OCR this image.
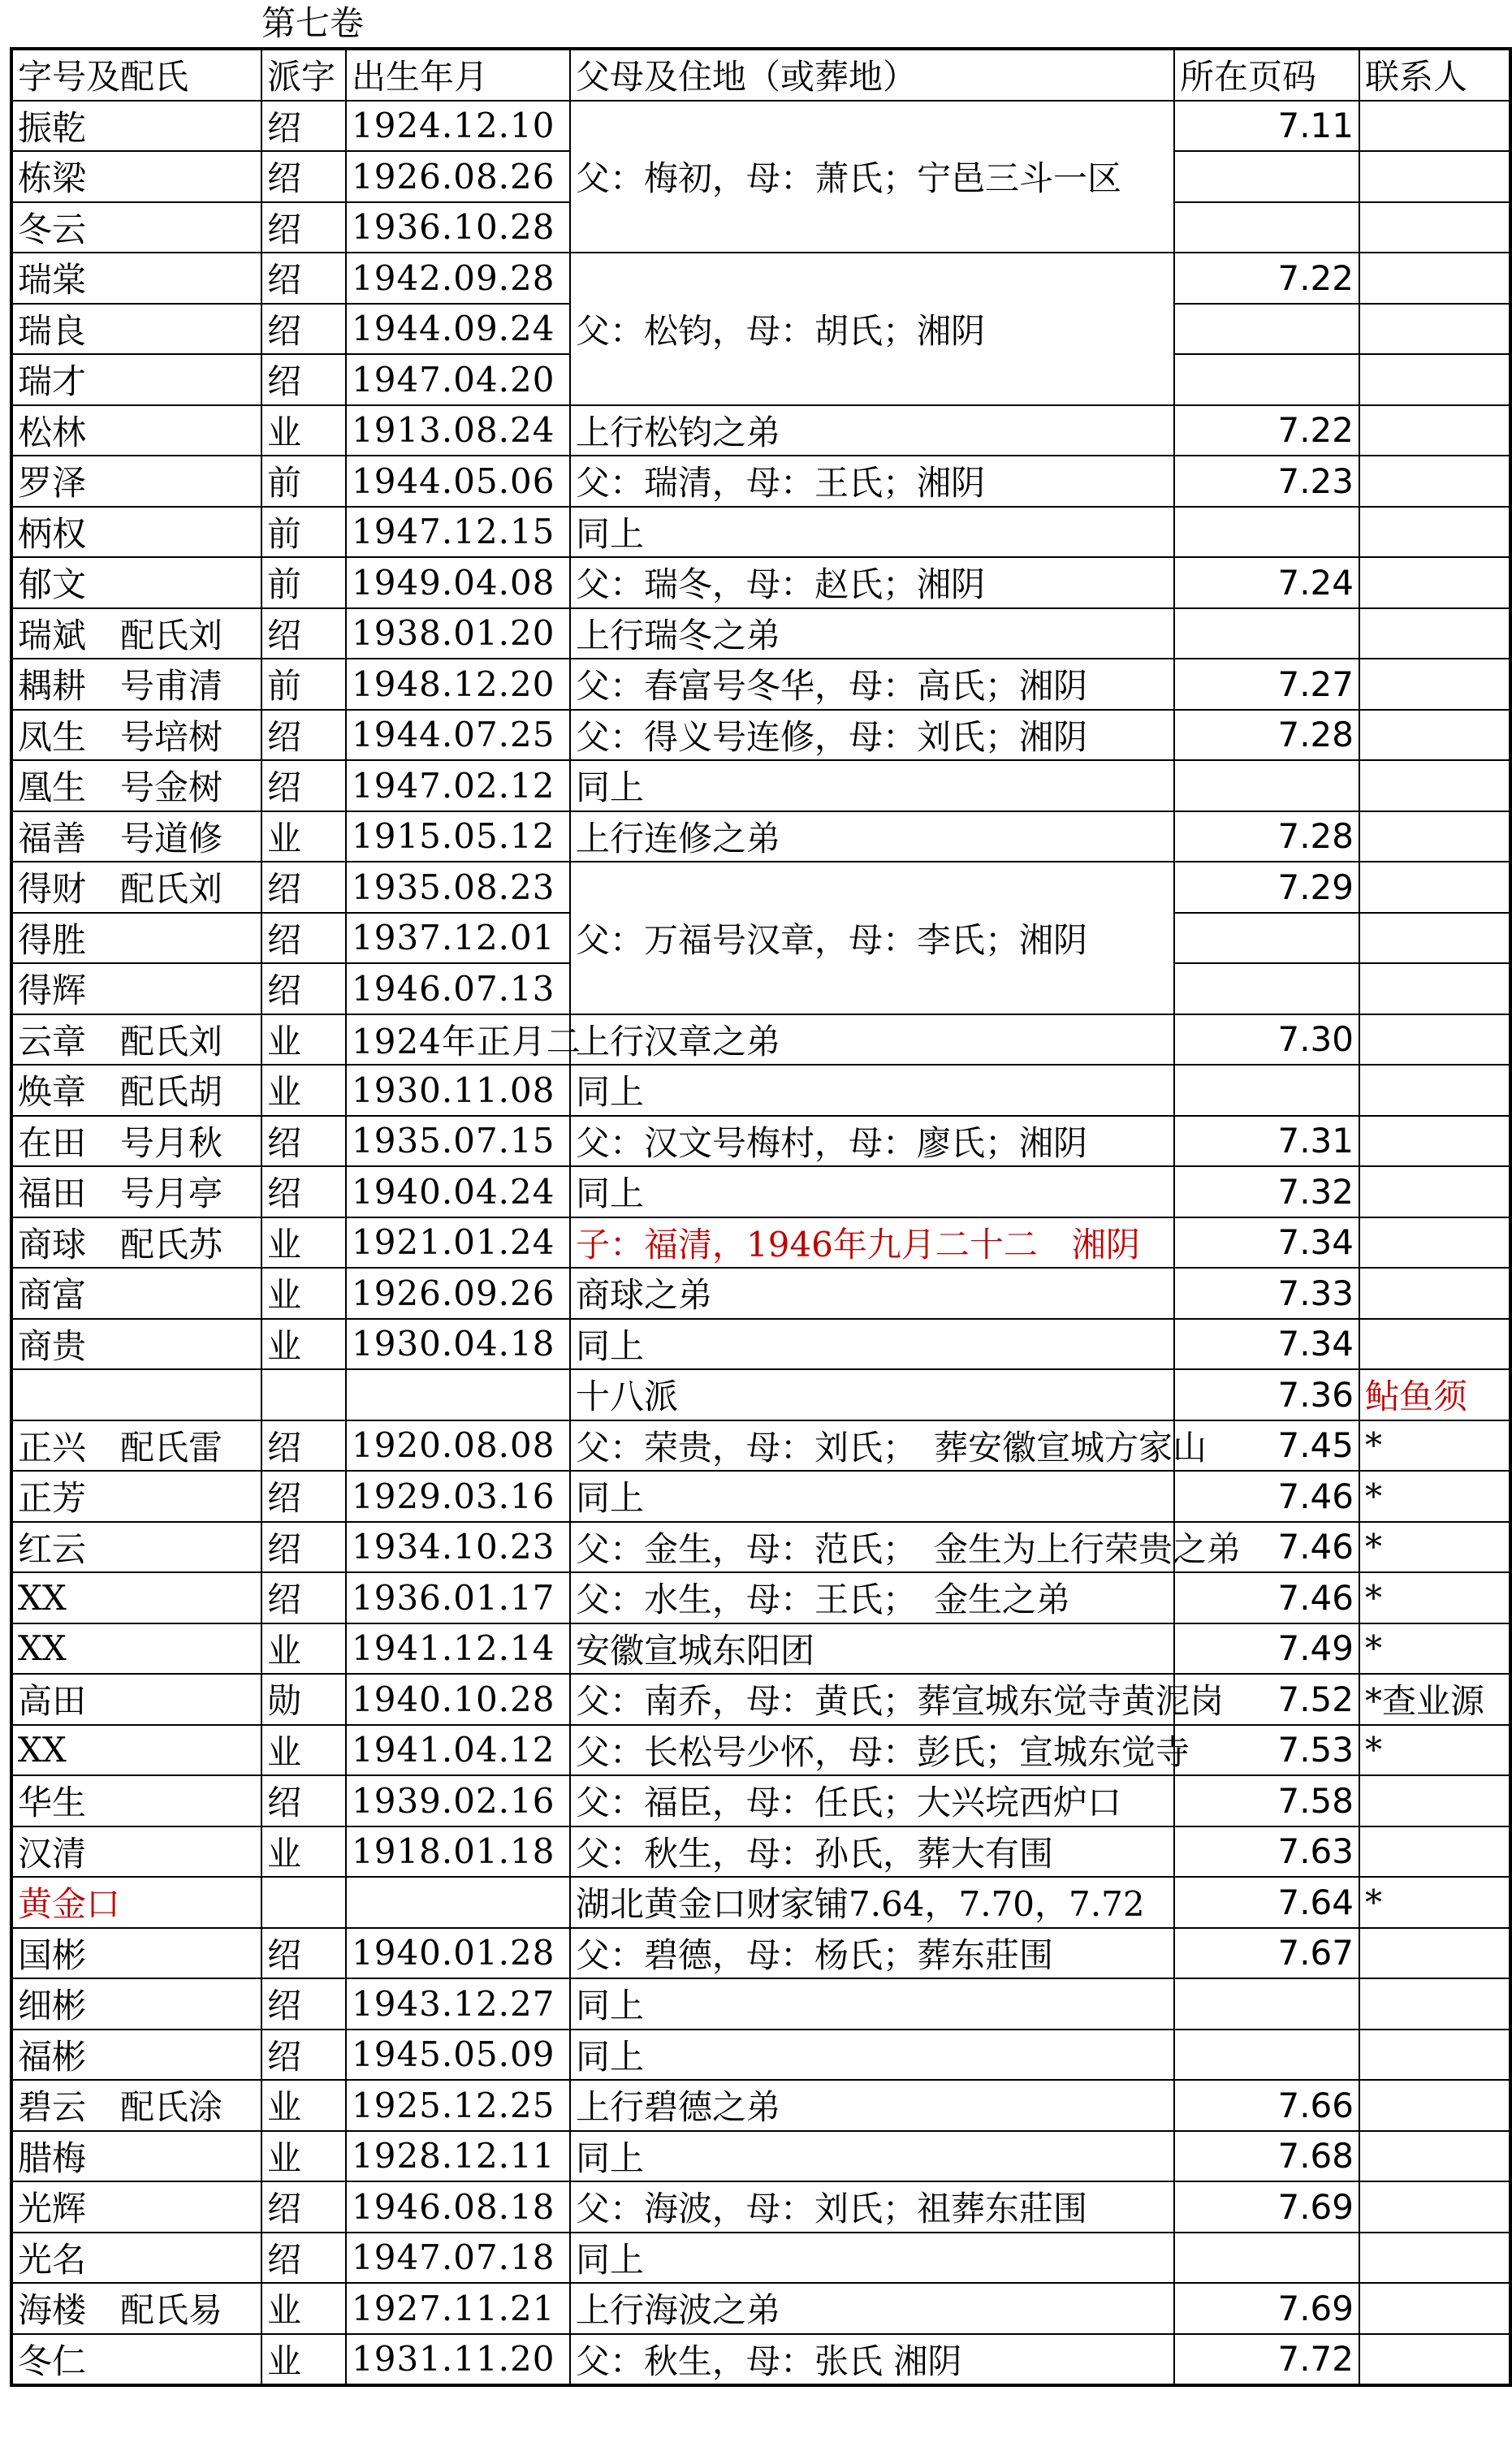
第七卷
字号及配氏	派字	出生年月	父母及住地（或葬地）	所在页码	联系人
振乾	绍	1924.12.10	父：梅初，母：萧氏；宁邑三斗一区	7.11	
栋梁	绍	1926.08.26			
冬云	绍	1936.10.28			
瑞棠	绍	1942.09.28	父：松钧，母：胡氏；湘阴	7.22	
瑞良	绍	1944.09.24			
瑞才	绍	1947.04.20			
松林	业	1913.08.24	上行松钧之弟	7.22	
罗泽	前	1944.05.06	父：瑞清，母：王氏；湘阴	7.23	
柄权	前	1947.12.15	同上		
郁文	前	1949.04.08	父：瑞冬，母：赵氏；湘阴	7.24	
瑞斌　配氏刘	绍	1938.01.20	上行瑞冬之弟		
耦耕　号甫清	前	1948.12.20	父：春富号冬华，母：高氏；湘阴	7.27	
凤生　号培树	绍	1944.07.25	父：得义号连修，母：刘氏；湘阴	7.28	
凰生　号金树	绍	1947.02.12	同上		
福善　号道修	业	1915.05.12	上行连修之弟	7.28	
得财　配氏刘	绍	1935.08.23	父：万福号汉章，母：李氏；湘阴	7.29	
得胜	绍	1937.12.01			
得辉	绍	1946.07.13			
云章　配氏刘	业	1924年正月二	上行汉章之弟	7.30	
焕章　配氏胡	业	1930.11.08	同上		
在田　号月秋	绍	1935.07.15	父：汉文号梅村，母：廖氏；湘阴	7.31	
福田　号月亭	绍	1940.04.24	同上	7.32	
商球　配氏苏	业	1921.01.24	子：福清，1946年九月二十二　湘阴	7.34	
商富	业	1926.09.26	商球之弟	7.33	
商贵	业	1930.04.18	同上	7.34	
			十八派	7.36	鲇鱼须
正兴　配氏雷	绍	1920.08.08	父：荣贵，母：刘氏；　葬安徽宣城方家山	7.45	*
正芳	绍	1929.03.16	同上	7.46	*
红云	绍	1934.10.23	父：金生，母：范氏；　金生为上行荣贵之弟	7.46	*
XX	绍	1936.01.17	父：水生，母：王氏；　金生之弟	7.46	*
XX	业	1941.12.14	安徽宣城东阳团	7.49	*
高田	勋	1940.10.28	父：南乔，母：黄氏；葬宣城东觉寺黄泥岗	7.52	*查业源
XX	业	1941.04.12	父：长松号少怀，母：彭氏；宣城东觉寺	7.53	*
华生	绍	1939.02.16	父：福臣，母：任氏；大兴垸西炉口	7.58	
汉清	业	1918.01.18	父：秋生，母：孙氏，葬大有围	7.63	
黄金口			湖北黄金口财家铺7.64，7.70，7.72	7.64	*
国彬	绍	1940.01.28	父：碧德，母：杨氏；葬东莊围	7.67	
细彬	绍	1943.12.27	同上		
福彬	绍	1945.05.09	同上		
碧云　配氏涂	业	1925.12.25	上行碧德之弟	7.66	
腊梅	业	1928.12.11	同上	7.68	
光辉	绍	1946.08.18	父：海波，母：刘氏；祖葬东莊围	7.69	
光名	绍	1947.07.18	同上		
海楼　配氏易	业	1927.11.21	上行海波之弟	7.69	
冬仁	业	1931.11.20	父：秋生，母：张氏 湘阴	7.72	
